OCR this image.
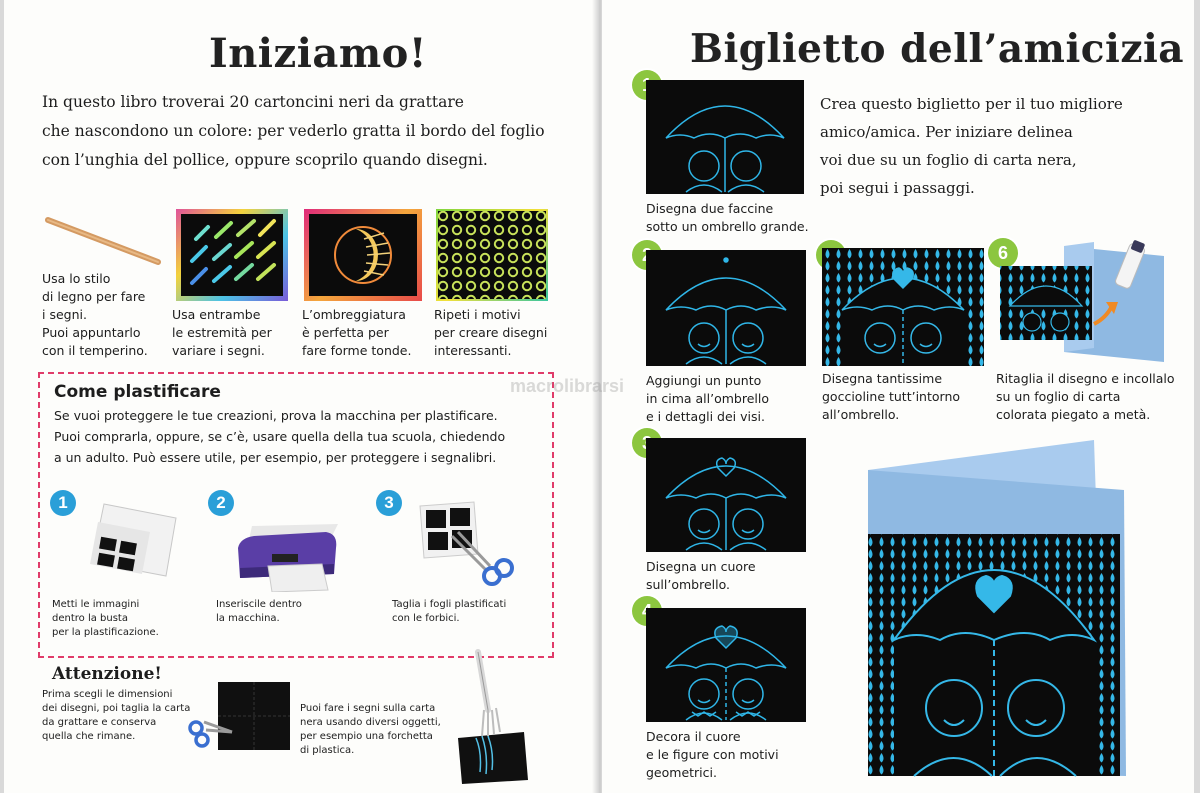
Iniziamo!
In questo libro troverai 20 cartoncini neri da grattare
che nascondono un colore: per vederlo gratta il bordo del foglio
con l’unghia del pollice, oppure scoprilo quando disegni.
Usa lo stilo
di legno per fare
i segni.
Puoi appuntarlo
con il temperino.
Usa entrambe
le estremità per
variare i segni.
L’ombreggiatura
è perfetta per
fare forme tonde.
Ripeti i motivi
per creare disegni
interessanti.
Come plastificare
Se vuoi proteggere le tue creazioni, prova la macchina per plastificare.
Puoi comprarla, oppure, se c’è, usare quella della tua scuola, chiedendo
a un adulto. Può essere utile, per esempio, per proteggere i segnalibri.
1	2	3
Metti le immagini
dentro la busta
per la plastificazione.
Inseriscile dentro
la macchina.
Taglia i fogli plastificati
con le forbici.
Attenzione!
Prima scegli le dimensioni
dei disegni, poi taglia la carta
da grattare e conserva
quella che rimane.
Puoi fare i segni sulla carta
nera usando diversi oggetti,
per esempio una forchetta
di plastica.
Biglietto dell’amicizia
Crea questo biglietto per il tuo migliore
amico/amica. Per iniziare delinea
voi due su un foglio di carta nera,
poi segui i passaggi.
1
Disegna due faccine
sotto un ombrello grande.
2
Aggiungi un punto
in cima all’ombrello
e i dettagli dei visi.
3
Disegna un cuore
sull’ombrello.
4
Decora il cuore
e le figure con motivi
geometrici.
Disegna tantissime
goccioline tutt’intorno
all’ombrello.
6
Ritaglia il disegno e incollalo
su un foglio di carta
colorata piegato a metà.
macrolibrarsi
